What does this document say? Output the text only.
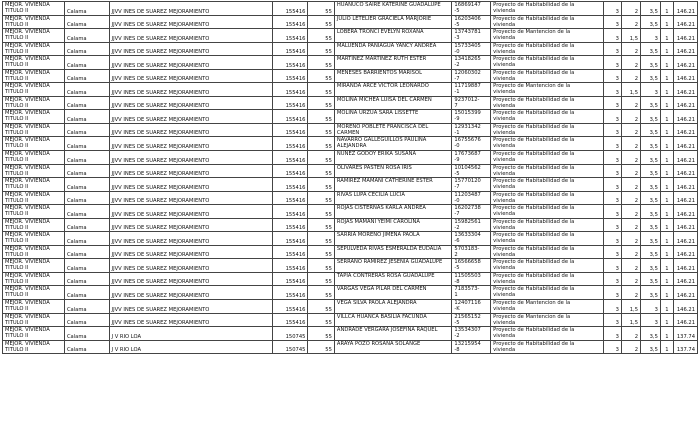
MEJOR. VIVIENDA
TÍTULO II	Calama	JJVV INES DE SUAREZ MEJORAMIENTO	155416	55	HUANUCO SAIRE KATERINE GUADALUPE	16869147
-5	Proyecto de Habitabilidad de la
vivienda	3	2	3,5	1	146.21

MEJOR. VIVIENDA
TÍTULO II	Calama	JJVV INES DE SUAREZ MEJORAMIENTO	155416	55	JULIO LETELIER GRACIELA MARJORIE	16203406
-5	Proyecto de Habitabilidad de la
vivienda	3	2	3,5	1	146.21

MEJOR. VIVIENDA
TÍTULO II	Calama	JJVV INES DE SUAREZ MEJORAMIENTO	155416	55	LOBERA TRONCI EVELYN ROXANA	13743781
-3	Proyecto de Mantencion de la
vivienda	3	1,5	3	1	146.21

MEJOR. VIVIENDA
TÍTULO II	Calama	JJVV INES DE SUAREZ MEJORAMIENTO	155416	55	MALUENDA PANIAGUA YANCY ANDREA	15733405
-0	Proyecto de Habitabilidad de la
vivienda	3	2	3,5	1	146.21

MEJOR. VIVIENDA
TÍTULO II	Calama	JJVV INES DE SUAREZ MEJORAMIENTO	155416	55	MARTÍNEZ MARTÍNEZ RUTH ESTER	13418265
-2	Proyecto de Habitabilidad de la
vivienda	3	2	3,5	1	146.21

MEJOR. VIVIENDA
TÍTULO II	Calama	JJVV INES DE SUAREZ MEJORAMIENTO	155416	55	MENESES BARRIENTOS MARISOL	12060302
-7	Proyecto de Habitabilidad de la
vivienda	3	2	3,5	1	146.21

MEJOR. VIVIENDA
TÍTULO II	Calama	JJVV INES DE SUAREZ MEJORAMIENTO	155416	55	MIRANDA ARCE VÍCTOR LEONARDO	11719887
-1	Proyecto de Mantencion de la
vivienda	3	1,5	3	1	146.21

MEJOR. VIVIENDA
TÍTULO II	Calama	JJVV INES DE SUAREZ MEJORAMIENTO	155416	55	MOLINA MICHEA LUISA DEL CARMEN	9237012-
7	Proyecto de Habitabilidad de la
vivienda	3	2	3,5	1	146.21

MEJOR. VIVIENDA
TÍTULO II	Calama	JJVV INES DE SUAREZ MEJORAMIENTO	155416	55	MOLINA URZÚA SARA LISSETTE	15015399
-9	Proyecto de Habitabilidad de la
vivienda	3	2	3,5	1	146.21

MEJOR. VIVIENDA
TÍTULO II	Calama	JJVV INES DE SUAREZ MEJORAMIENTO	155416	55	MORENO POBLETE FRANCISCA DEL CARMEN	12931342
-1	Proyecto de Habitabilidad de la
vivienda	3	2	3,5	1	146.21

MEJOR. VIVIENDA
TÍTULO II	Calama	JJVV INES DE SUAREZ MEJORAMIENTO	155416	55	NAVARRO GALLEGUILLOS PAULINA ALEJANDRA	16755676
-0	Proyecto de Habitabilidad de la
vivienda	3	2	3,5	1	146.21

MEJOR. VIVIENDA
TÍTULO II	Calama	JJVV INES DE SUAREZ MEJORAMIENTO	155416	55	NÚÑEZ GODOY ERIKA SUSANA	17673687
-9	Proyecto de Habitabilidad de la
vivienda	3	2	3,5	1	146.21

MEJOR. VIVIENDA
TÍTULO II	Calama	JJVV INES DE SUAREZ MEJORAMIENTO	155416	55	OLIVARES PASTÉN ROSA IRIS	10104562
-5	Proyecto de Habitabilidad de la
vivienda	3	2	3,5	1	146.21

MEJOR. VIVIENDA
TÍTULO II	Calama	JJVV INES DE SUAREZ MEJORAMIENTO	155416	55	RAMÍREZ MAMANI CATHERINE ESTER	15770120
-7	Proyecto de Habitabilidad de la
vivienda	3	2	3,5	1	146.21

MEJOR. VIVIENDA
TÍTULO II	Calama	JJVV INES DE SUAREZ MEJORAMIENTO	155416	55	RIVAS LUPA CECILIA LUCÍA	11203487
-0	Proyecto de Habitabilidad de la
vivienda	3	2	3,5	1	146.21

MEJOR. VIVIENDA
TÍTULO II	Calama	JJVV INES DE SUAREZ MEJORAMIENTO	155416	55	ROJAS CISTERNAS KARLA ANDREA	16202738
-7	Proyecto de Habitabilidad de la
vivienda	3	2	3,5	1	146.21

MEJOR. VIVIENDA
TÍTULO II	Calama	JJVV INES DE SUAREZ MEJORAMIENTO	155416	55	ROJAS MAMANI YEIMI CAROLINA	15982561
-2	Proyecto de Habitabilidad de la
vivienda	3	2	3,5	1	146.21

MEJOR. VIVIENDA
TÍTULO II	Calama	JJVV INES DE SUAREZ MEJORAMIENTO	155416	55	SARRIA MORENO JIMENA PAOLA	13633304
-6	Proyecto de Habitabilidad de la
vivienda	3	2	3,5	1	146.21

MEJOR. VIVIENDA
TÍTULO II	Calama	JJVV INES DE SUAREZ MEJORAMIENTO	155416	55	SEPÚLVEDA RIVAS ESMERALDA EUDALIA	5703183-
2	Proyecto de Habitabilidad de la
vivienda	3	2	3,5	1	146.21

MEJOR. VIVIENDA
TÍTULO II	Calama	JJVV INES DE SUAREZ MEJORAMIENTO	155416	55	SERRANO RAMÍREZ JESENIA GUADALUPE	16566658
-5	Proyecto de Habitabilidad de la
vivienda	3	2	3,5	1	146.21

MEJOR. VIVIENDA
TÍTULO II	Calama	JJVV INES DE SUAREZ MEJORAMIENTO	155416	55	TAPIA CONTRERAS ROSA GUADALUPE	11505503
-8	Proyecto de Habitabilidad de la
vivienda	3	2	3,5	1	146.21

MEJOR. VIVIENDA
TÍTULO II	Calama	JJVV INES DE SUAREZ MEJORAMIENTO	155416	55	VARGAS VEGA PILAR DEL CARMEN	7183573-
1	Proyecto de Habitabilidad de la
vivienda	3	2	3,5	1	146.21

MEJOR. VIVIENDA
TÍTULO II	Calama	JJVV INES DE SUAREZ MEJORAMIENTO	155416	55	VEGA SILVA PAOLA ALEJANDRA	12407116
-K	Proyecto de Mantencion de la
vivienda	3	1,5	3	1	146.21

MEJOR. VIVIENDA
TÍTULO II	Calama	JJVV INES DE SUAREZ MEJORAMIENTO	155416	55	VILLCA HUANCA BASILIA FACUNDA	21565152
-5	Proyecto de Mantencion de la
vivienda	3	1,5	3	1	146.21

MEJOR. VIVIENDA
TÍTULO II	Calama	J V RIO LOA	150745	55	ANDRADE VERGARA JOSEFINA RAQUEL	13534307
-2	Proyecto de Habitabilidad de la
vivienda	3	2	3,5	1	137.74

MEJOR. VIVIENDA
TÍTULO II	Calama	J V RIO LOA	150745	55	ARAYA POZO ROSANA SOLANGE	13215954
-8	Proyecto de Habitabilidad de la
vivienda	3	2	3,5	1	137.74
